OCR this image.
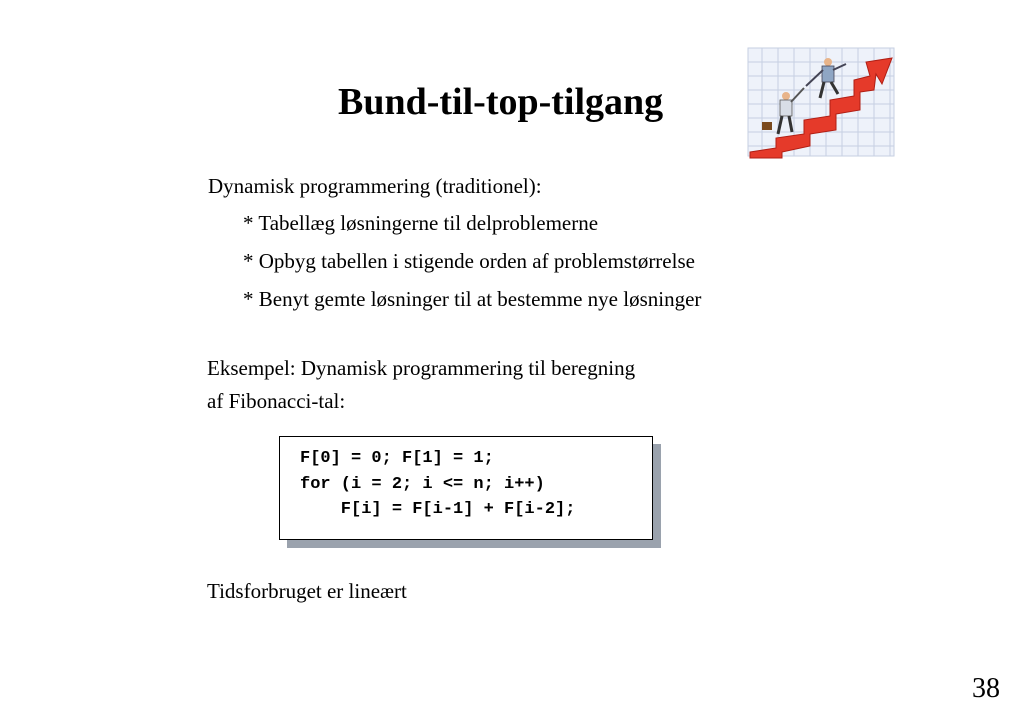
Bund-til-top-tilgang
Dynamisk programmering (traditionel):
* Tabellæg løsningerne til delproblemerne
* Opbyg tabellen i stigende orden af problemstørrelse
* Benyt gemte løsninger til at bestemme nye løsninger
Eksempel: Dynamisk programmering til beregning
af Fibonacci-tal:
F[0] = 0; F[1] = 1;
for (i = 2; i <= n; i++)
F[i] = F[i-1] + F[i-2];
Tidsforbruget er lineært
38
